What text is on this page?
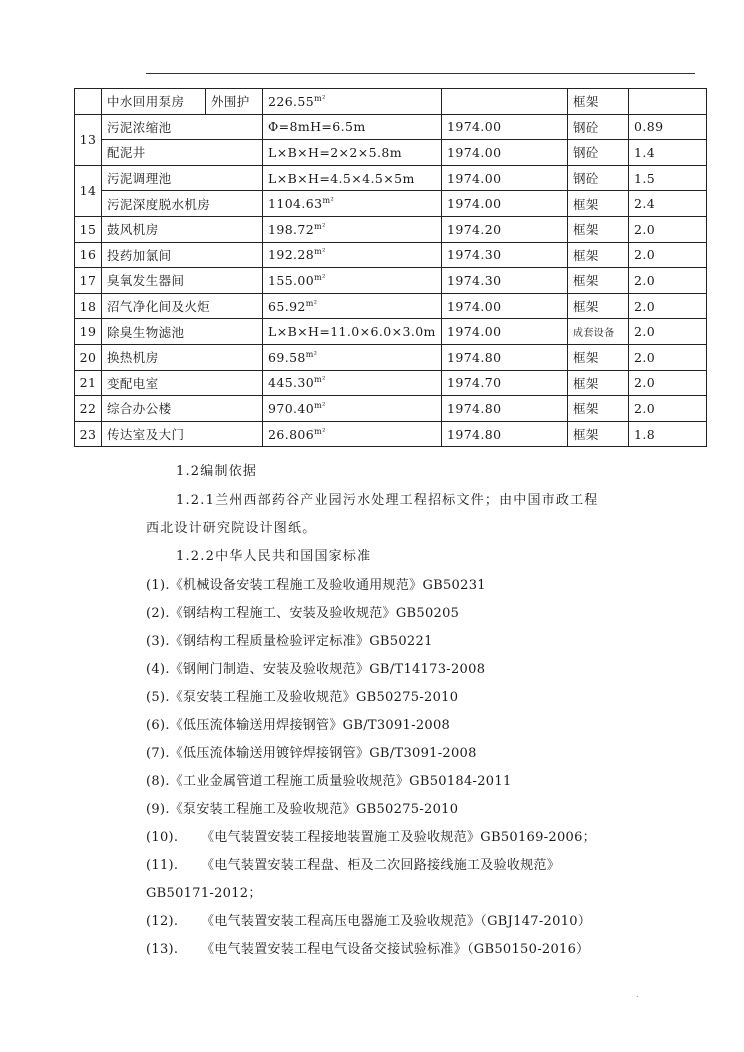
	中水回用泵房	外围护	$226.55^{m^2}$		框架	
13	污泥浓缩池		Φ=8mH=6.5m	1974.00	钢砼	0.89
	配泥井		L×B×H=2×2×5.8m	1974.00	钢砼	1.4
14	污泥调理池		L×B×H=4.5×4.5×5m	1974.00	钢砼	1.5
	污泥深度脱水机房		$1104.63^{m^2}$	1974.00	框架	2.4
15	鼓风机房		$198.72^{m^2}$	1974.20	框架	2.0
16	投药加氯间		$192.28^{m^2}$	1974.30	框架	2.0
17	臭氧发生器间		$155.00^{m^2}$	1974.30	框架	2.0
18	沼气净化间及火炬		$65.92^{m^2}$	1974.00	框架	2.0
19	除臭生物滤池		L×B×H=11.0×6.0×3.0m	1974.00	成套设备	2.0
20	换热机房		$69.58^{m^2}$	1974.80	框架	2.0
21	变配电室		$445.30^{m^2}$	1974.70	框架	2.0
22	综合办公楼		$970.40^{m^2}$	1974.80	框架	2.0
23	传达室及大门		$26.806^{m^2}$	1974.80	框架	1.8
1.2编制依据
1.2.1兰州西部药谷产业园污水处理工程招标文件；由中国市政工程
西北设计研究院设计图纸。
1.2.2中华人民共和国国家标准
(1).《机械设备安装工程施工及验收通用规范》GB50231
(2).《钢结构工程施工、安装及验收规范》GB50205
(3).《钢结构工程质量检验评定标准》GB50221
(4).《钢闸门制造、安装及验收规范》GB/T14173-2008
(5).《泵安装工程施工及验收规范》GB50275-2010
(6).《低压流体输送用焊接钢管》GB/T3091-2008
(7).《低压流体输送用镀锌焊接钢管》GB/T3091-2008
(8).《工业金属管道工程施工质量验收规范》GB50184-2011
(9).《泵安装工程施工及验收规范》GB50275-2010
(10). 《电气装置安装工程接地装置施工及验收规范》GB50169-2006；
(11). 《电气装置安装工程盘、柜及二次回路接线施工及验收规范》
GB50171-2012；
(12). 《电气装置安装工程高压电器施工及验收规范》（GBJ147-2010）
(13). 《电气装置安装工程电气设备交接试验标准》（GB50150-2016）
.
